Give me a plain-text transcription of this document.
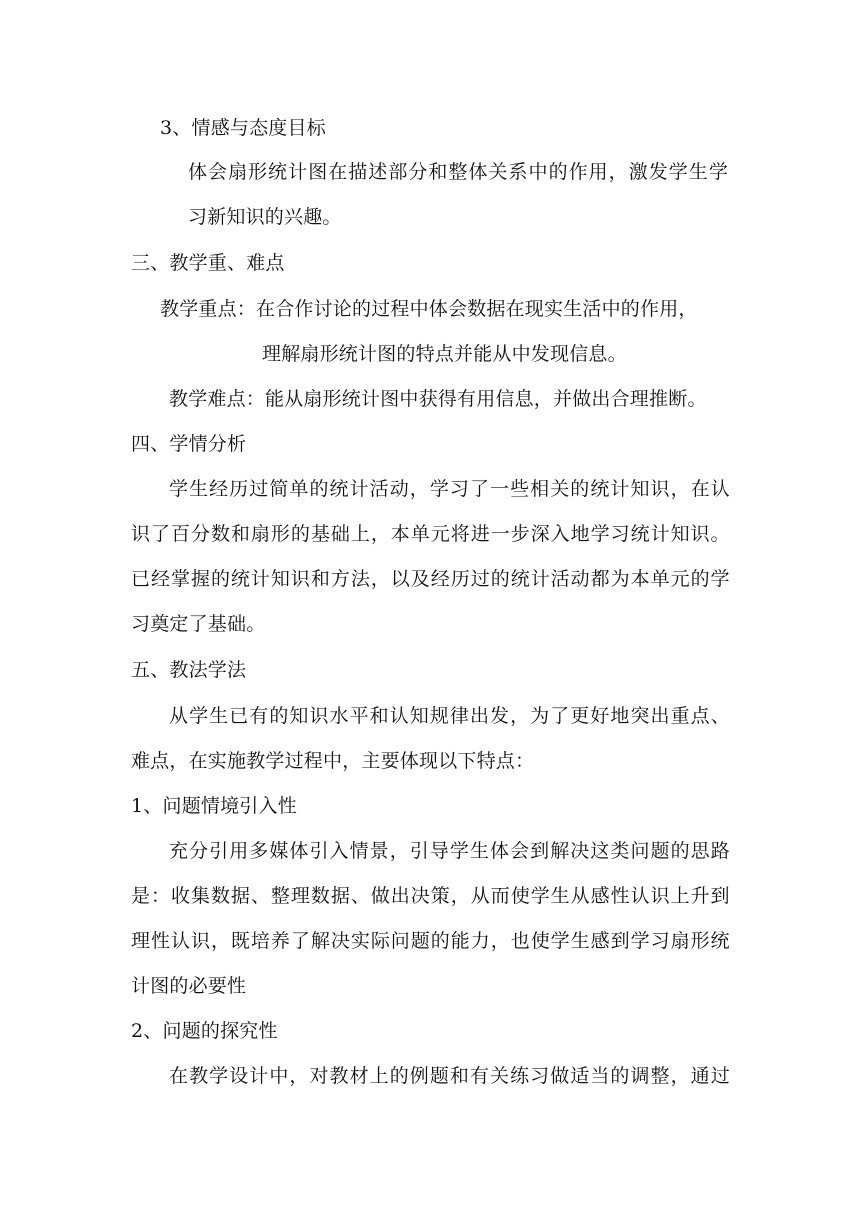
3、情感与态度目标
体 会 扇 形 统 计 图 在 描 述 部 分 和 整 体 关 系 中 的 作 用 ， 激 发 学 生 学
习新知识的兴趣。
三、教学重、难点
教学重点：在合作讨论的过程中体会数据在现实生活中的作用，
理解扇形统计图的特点并能从中发现信息。
教学难点：能从扇形统计图中获得有用信息，并做出合理推断。
四、学情分析
学 生 经 历 过 简 单 的 统 计 活 动 ， 学 习 了 一 些 相 关 的 统 计 知 识 ， 在 认
识 了 百 分 数 和 扇 形 的 基 础 上 ， 本 单 元 将 进 一 步 深 入 地 学 习 统 计 知 识 。
已 经 掌 握 的 统 计 知 识 和 方 法 ， 以 及 经 历 过 的 统 计 活 动 都 为 本 单 元 的 学
习奠定了基础。
五、教法学法
从 学 生 已 有 的 知 识 水 平 和 认 知 规 律 出 发 ， 为 了 更 好 地 突 出 重 点 、
难点，在实施教学过程中，主要体现以下特点：
1、问题情境引入性
充 分 引 用 多 媒 体 引 入 情 景 ， 引 导 学 生 体 会 到 解 决 这 类 问 题 的 思 路
是 ： 收 集 数 据 、 整 理 数 据 、 做 出 决 策 ， 从 而 使 学 生 从 感 性 认 识 上 升 到
理 性 认 识 ， 既 培 养 了 解 决 实 际 问 题 的 能 力 ， 也 使 学 生 感 到 学 习 扇 形 统
计图的必要性
2、问题的探究性
在 教 学 设 计 中 ， 对 教 材 上 的 例 题 和 有 关 练 习 做 适 当 的 调 整 ， 通 过
